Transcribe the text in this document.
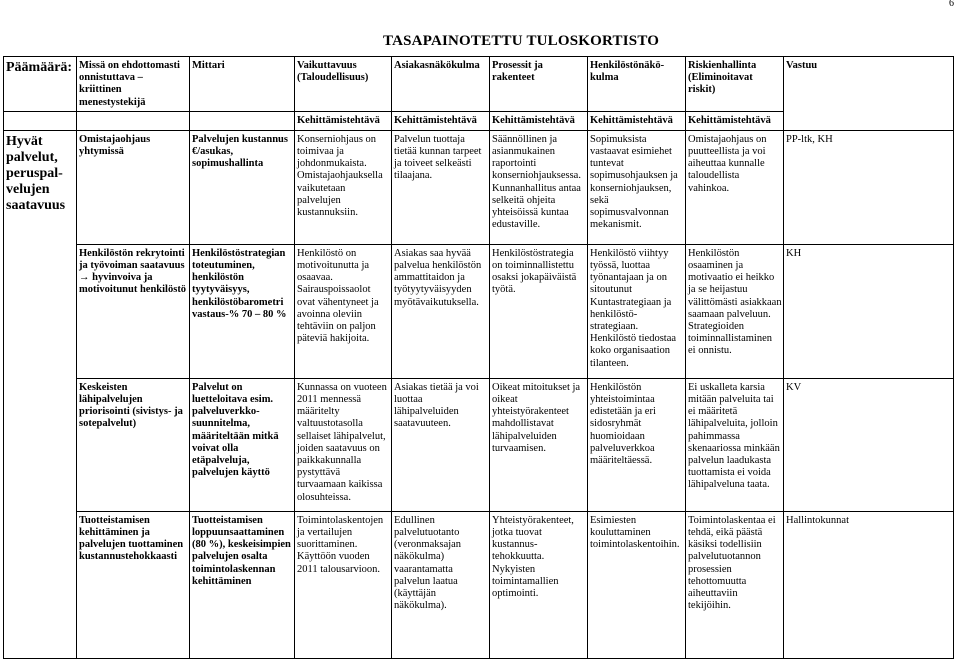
6
TASAPAINOTETTU TULOSKORTISTO
Päämäärä:	Missä on ehdottomasti onnistuttava – kriittinen menestystekijä	Mittari	Vaikuttavuus (Taloudellisuus)	Asiakasnäkökulma	Prosessit ja rakenteet	Henkilöstönäkö-kulma	Riskienhallinta (Eliminoitavat riskit)	Vastuu
			Kehittämistehtävä	Kehittämistehtävä	Kehittämistehtävä	Kehittämistehtävä	Kehittämistehtävä	
Hyvät palvelut, peruspal-velujen saatavuus	Omistajaohjaus yhtymissä	Palvelujen kustannus €/asukas, sopimushallinta	Konserniohjaus on toimivaa ja johdonmukaista. Omistajaohjauksella vaikutetaan palvelujen kustannuksiin.	Palvelun tuottaja tietää kunnan tarpeet ja toiveet selkeästi tilaajana.	Säännöllinen ja asianmukainen raportointi konserniohjauksessa. Kunnanhallitus antaa selkeitä ohjeita yhteisöissä kuntaa edustaville.	Sopimuksista vastaavat esimiehet tuntevat sopimusohjauksen ja konserniohjauksen, sekä sopimusvalvonnan mekanismit.	Omistajaohjaus on puutteellista ja voi aiheuttaa kunnalle taloudellista vahinkoa.	PP-ltk, KH
	Henkilöstön rekrytointi ja työvoiman saatavuus → hyvinvoiva ja motivoitunut henkilöstö	Henkilöstöstrategian toteutuminen, henkilöstön tyytyväisyys, henkilöstöbarometri vastaus-% 70 – 80 %	Henkilöstö on motivoitunutta ja osaavaa. Sairauspoissaolot ovat vähentyneet ja avoinna oleviin tehtäviin on paljon päteviä hakijoita.	Asiakas saa hyvää palvelua henkilöstön ammattitaidon ja työtyytyväisyyden myötävaikutuksella.	Henkilöstöstrategia on toiminnallistettu osaksi jokapäiväistä työtä.	Henkilöstö viihtyy työssä, luottaa työnantajaan ja on sitoutunut Kuntastrategiaan ja henkilöstö-strategiaan. Henkilöstö tiedostaa koko organisaation tilanteen.	Henkilöstön osaaminen ja motivaatio ei heikko ja se heijastuu välittömästi asiakkaan saamaan palveluun. Strategioiden toiminnallistaminen ei onnistu.	KH
	Keskeisten lähipalvelujen priorisointi (sivistys- ja sotepalvelut)	Palvelut on luetteloitava esim. palveluverkko-suunnitelma, määriteltään mitkä voivat olla etäpalveluja, palvelujen käyttö	Kunnassa on vuoteen 2011 mennessä määritelty valtuustotasolla sellaiset lähipalvelut, joiden saatavuus on paikkakunnalla pystyttävä turvaamaan kaikissa olosuhteissa.	Asiakas tietää ja voi luottaa lähipalveluiden saatavuuteen.	Oikeat mitoitukset ja oikeat yhteistyörakenteet mahdollistavat lähipalveluiden turvaamisen.	Henkilöstön yhteistoimintaa edistetään ja eri sidosryhmät huomioidaan palveluverkkoa määriteltäessä.	Ei uskalleta karsia mitään palveluita tai ei määritetä lähipalveluita, jolloin pahimmassa skenaariossa minkään palvelun laadukasta tuottamista ei voida lähipalveluna taata.	KV
	Tuotteistamisen kehittäminen ja palvelujen tuottaminen kustannustehokkaasti	Tuotteistamisen loppuunsaattaminen (80 %), keskeisimpien palvelujen osalta toimintolaskennan kehittäminen	Toimintolaskentojen ja vertailujen suorittaminen. Käyttöön vuoden 2011 talousarvioon.	Edullinen palvelutuotanto (veronmaksajan näkökulma) vaarantamatta palvelun laatua (käyttäjän näkökulma).	Yhteistyörakenteet, jotka tuovat kustannus-tehokkuutta. Nykyisten toimintamallien optimointi.	Esimiesten kouluttaminen toimintolaskentoihin.	Toimintolaskentaa ei tehdä, eikä päästä käsiksi todellisiin palvelutuotannon prosessien tehottomuutta aiheuttaviin tekijöihin.	Hallintokunnat
